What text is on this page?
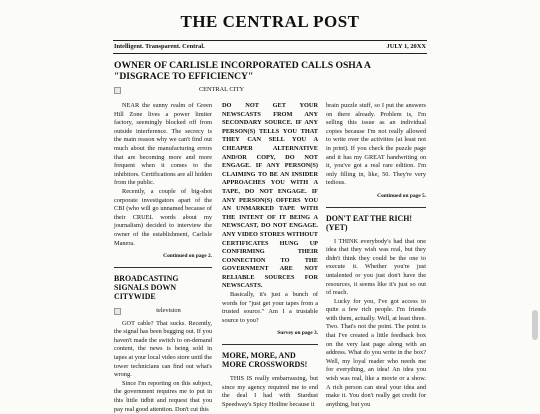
THE CENTRAL POST
Intelligent. Transparent. Central.	JULY 1, 20XX
OWNER OF CARLISLE INCORPORATED CALLS OSHA A "DISGRACE TO EFFICIENCY"
CENTRAL CITY

NEAR the sunny realm of Green Hill Zone lives a power limiter factory, seemingly blocked off from outside interference. The secrecy is the main reason why we can't find out much about the manufacturing errors that are becoming more and more frequent when it comes to the inhibitors. Certifications are all hidden from the public.

Recently, a couple of big-shot corporate investigators apart of the CBI (who will go unnamed because of their CRUEL words about my journalism) decided to interview the owner of the establishment, Carlisle Manera.

Continued on page 2.
BROADCASTING SIGNALS DOWN CITYWIDE
television

GOT cable? That sucks. Recently, the signal has been bugging out. If you haven't made the switch to on-demand content, the news is being sold in tapes at your local video store until the tower technicians can find out what's wrong.

Since I'm reporting on this subject, the government requires me to put in this little tidbit and request that you pay real good attention. Don't cut this

DO NOT GET YOUR NEWSCASTS FROM ANY SECONDARY SOURCE. IF ANY PERSON(S) TELLS YOU THAT THEY CAN SELL YOU A CHEAPER ALTERNATIVE AND/OR COPY, DO NOT ENGAGE. IF ANY PERSON(S) CLAIMING TO BE AN INSIDER APPROACHES YOU WITH A TAPE, DO NOT ENGAGE. IF ANY PERSON(S) OFFERS YOU AN UNMARKED TAPE WITH THE INTENT OF IT BEING A NEWSCAST, DO NOT ENGAGE. ANY VIDEO STORES WITHOUT CERTIFICATES HUNG UP CONFIRMING THEIR CONNECTION TO THE GOVERNMENT ARE NOT RELIABLE SOURCES FOR NEWSCASTS.

Basically, it's just a bunch of words for "just get your tapes from a trusted source." Am I a trustable source to you?

Survey on page 3.
MORE, MORE, AND MORE CROSSWORDS!

THIS IS really embarrassing, but since my agency required me to end the deal I had with Stardust Speedway's Spicy Hotline because it

brain puzzle stuff, so I put the answers on there already. Problem is, I'm selling this issue as an individual copies because I'm not really allowed to write over the activities (at least not in print). If you check the puzzle page and it has my GREAT handwriting on it, you've got a real rare edition. I'm only filling in, like, 50. They're very tedious.

Continued on page 5.
DON'T EAT THE RICH! (YET)

I THINK everybody's had that one idea that they wish was real, but they didn't think they could be the one to execute it. Whether you're just untalented or you just don't have the resources, it seems like it's just so out of reach.

Lucky for you, I've got access to quite a few rich people. I'm friends with them, actually. Well, at least three. Two. That's not the point. The point is that I've created a little feedback box on the very last page along with an address. What do you write in the box? Well, my loyal reader who needs me for everything, an idea! An idea you wish was real, like a movie or a show. A rich person can steal your idea and make it. You don't really get credit for anything, but you
